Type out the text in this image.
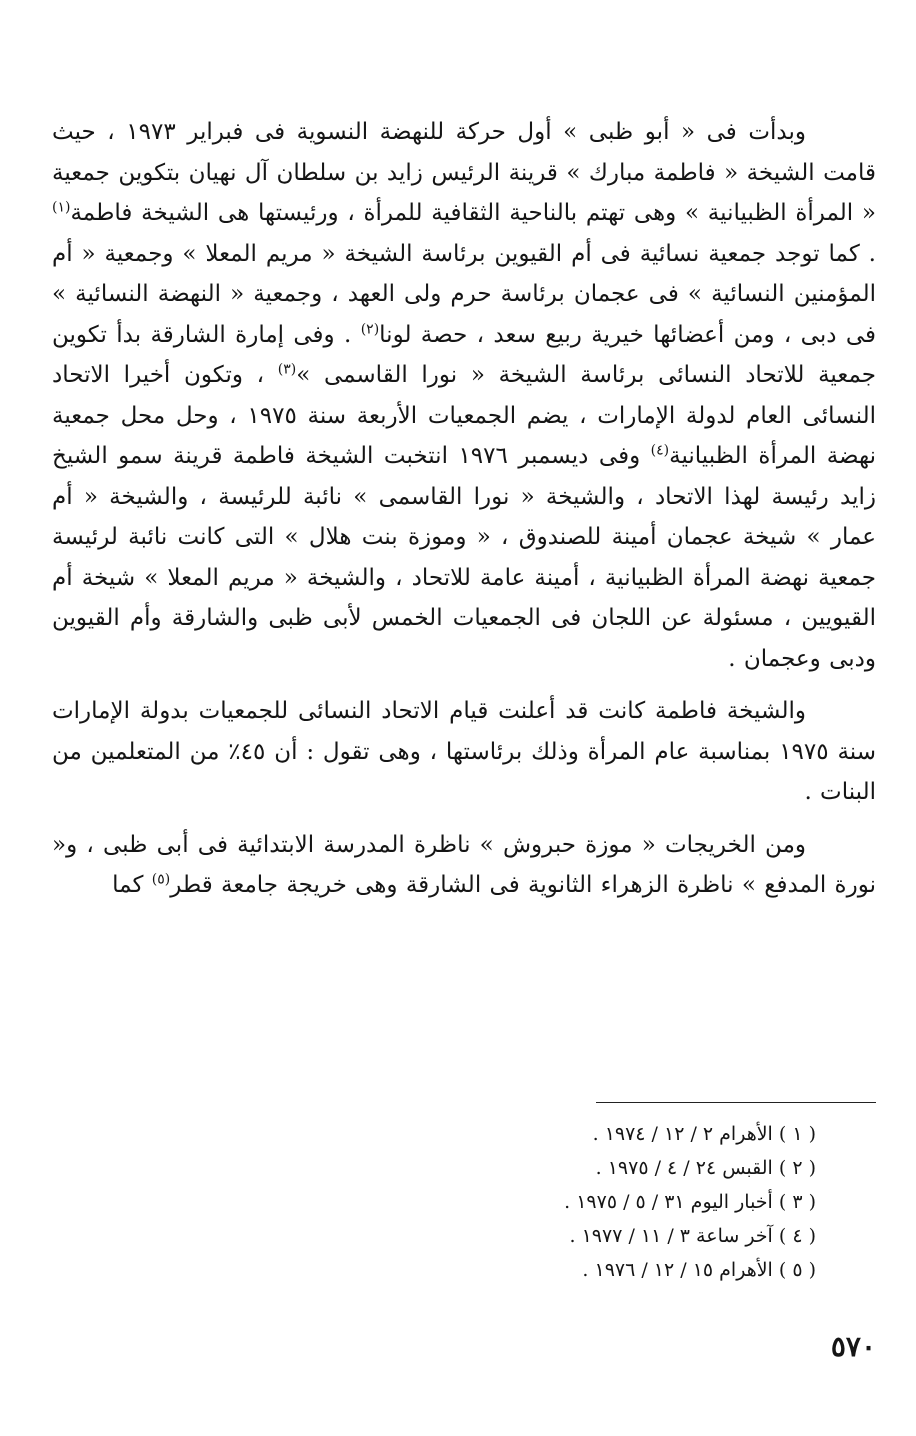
وبدأت فى « أبو ظبى » أول حركة للنهضة النسوية فى فبراير ١٩٧٣ ، حيث قامت الشيخة « فاطمة مبارك » قرينة الرئيس زايد بن سلطان آل نهيان بتكوين جمعية « المرأة الظبيانية » وهى تهتم بالناحية الثقافية للمرأة ، ورئيستها هى الشيخة فاطمة$^{(١)}$ . كما توجد جمعية نسائية فى أم القيوين برئاسة الشيخة « مريم المعلا » وجمعية « أم المؤمنين النسائية » فى عجمان برئاسة حرم ولى العهد ، وجمعية « النهضة النسائية » فى دبى ، ومن أعضائها خيرية ربيع سعد ، حصة لونا$^{(٢)}$ . وفى إمارة الشارقة بدأ تكوين جمعية للاتحاد النسائى برئاسة الشيخة « نورا القاسمى »$^{(٣)}$ ، وتكون أخيرا الاتحاد النسائى العام لدولة الإمارات ، يضم الجمعيات الأربعة سنة ١٩٧٥ ، وحل محل جمعية نهضة المرأة الظبيانية$^{(٤)}$ وفى ديسمبر ١٩٧٦ انتخبت الشيخة فاطمة قرينة سمو الشيخ زايد رئيسة لهذا الاتحاد ، والشيخة « نورا القاسمى » نائبة للرئيسة ، والشيخة « أم عمار » شيخة عجمان أمينة للصندوق ، « وموزة بنت هلال » التى كانت نائبة لرئيسة جمعية نهضة المرأة الظبيانية ، أمينة عامة للاتحاد ، والشيخة « مريم المعلا » شيخة أم القيويين ، مسئولة عن اللجان فى الجمعيات الخمس لأبى ظبى والشارقة وأم القيوين ودبى وعجمان .

والشيخة فاطمة كانت قد أعلنت قيام الاتحاد النسائى للجمعيات بدولة الإمارات سنة ١٩٧٥ بمناسبة عام المرأة وذلك برئاستها ، وهى تقول : أن ٤٥٪ من المتعلمين من البنات .

ومن الخريجات « موزة حبروش » ناظرة المدرسة الابتدائية فى أبى ظبى ، و« نورة المدفع » ناظرة الزهراء الثانوية فى الشارقة وهى خريجة جامعة قطر$^{(٥)}$ كما

( ١ ) الأهرام ٢ / ١٢ / ١٩٧٤ .
( ٢ ) القبس ٢٤ / ٤ / ١٩٧٥ .
( ٣ ) أخبار اليوم ٣١ / ٥ / ١٩٧٥ .
( ٤ ) آخر ساعة ٣ / ١١ / ١٩٧٧ .
( ٥ ) الأهرام ١٥ / ١٢ / ١٩٧٦ .
٥٧٠
